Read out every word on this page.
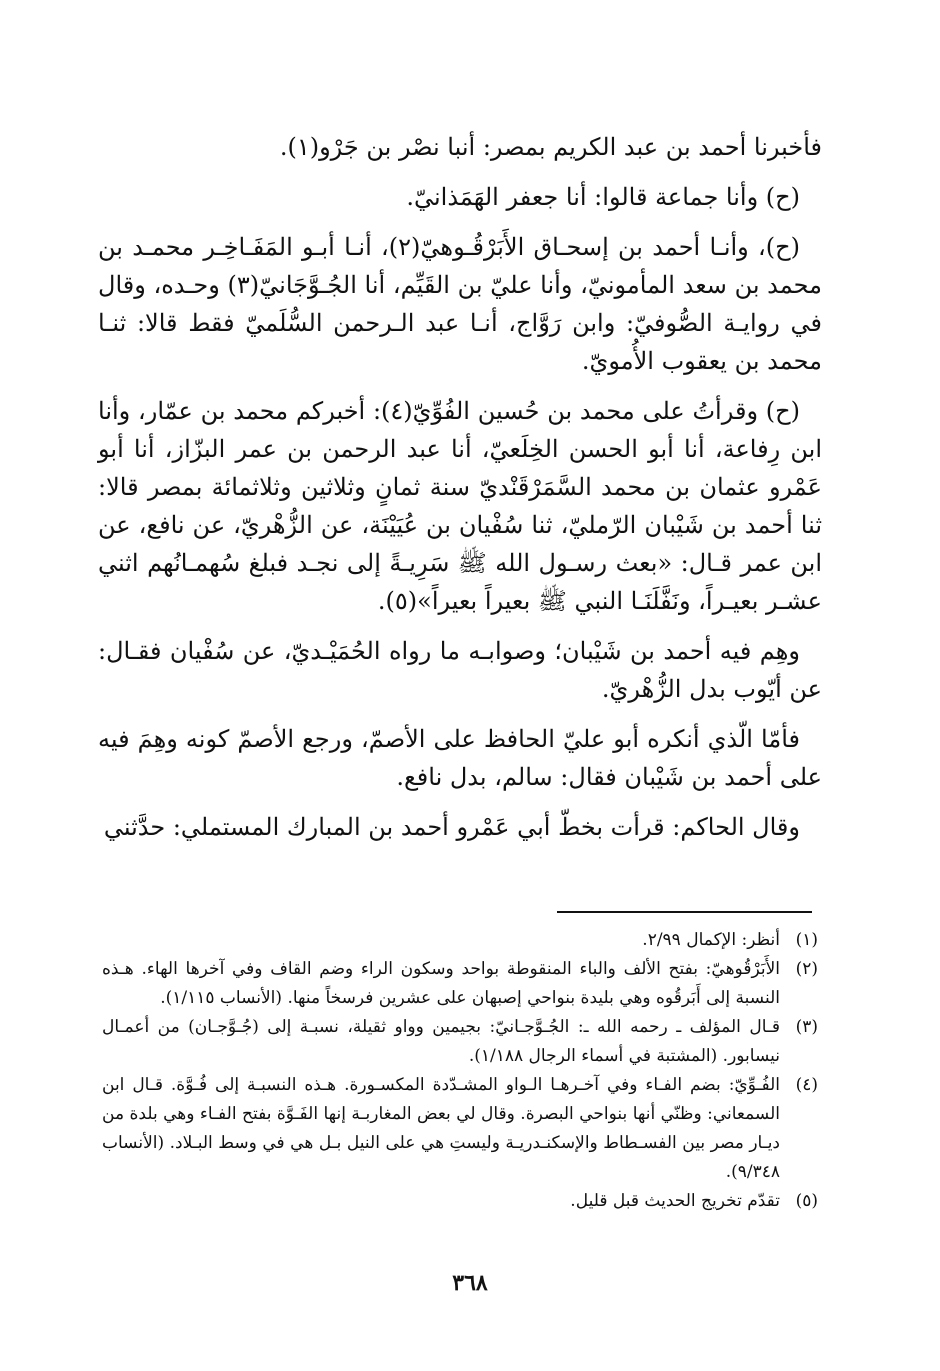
فأخبرنا أحمد بن عبد الكريم بمصر: أنبا نصْر بن جَرْو(١).

(ح) وأنا جماعة قالوا: أنا جعفر الهَمَذانيّ.

(ح)، وأنـا أحمد بن إسحـاق الأَبَرْقُـوهيّ(٢)، أنـا أبـو المَفَـاخِـر محمـد بن محمد بن سعد المأمونيّ، وأنا عليّ بن القَيِّم، أنا الجُـوَّجَانيّ(٣) وحـده، وقال في روايـة الصُّوفيّ: وابن رَوَّاج، أنـا عبد الـرحمن السُّلَميّ فقط قالا: ثنـا محمد بن يعقوب الأُمويّ.

(ح) وقرأتُ على محمد بن حُسين الفُوِّيّ(٤): أخبركم محمد بن عمّار، وأنا ابن رِفاعة، أنا أبو الحسن الخِلَعيّ، أنا عبد الرحمن بن عمر البزّاز، أنا أبو عَمْرو عثمان بن محمد السَّمَرْقَنْديّ سنة ثمانٍ وثلاثين وثلاثمائة بمصر قالا: ثنا أحمد بن شَيْبان الرّمليّ، ثنا سُفْيان بن عُيَيْنَة، عن الزُّهْريّ، عن نافع، عن ابن عمر قـال: «بعث رسـول الله ﷺ سَرِيـةً إلى نجـد فبلغ سُهمـانُهم اثني عشـر بعيـراً، ونَفَّلَنَـا النبي ﷺ بعيراً بعيراً»(٥).

وهِم فيه أحمد بن شَيْبان؛ وصوابـه ما رواه الحُمَيْـديّ، عن سُفْيان فقـال: عن أيّوب بدل الزُّهْريّ.

فأمّا الّذي أنكره أبو عليّ الحافظ على الأصمّ، ورجع الأصمّ كونه وهِمَ فيه على أحمد بن شَيْبان فقال: سالم، بدل نافع.

وقال الحاكم: قرأت بخطّ أبي عَمْرو أحمد بن المبارك المستملي: حدَّثني

(١)
أنظر: الإكمال ٢/٩٩.
(٢)
الأَبَرْقُوهيّ: بفتح الألف والباء المنقوطة بواحد وسكون الراء وضم القاف وفي آخرها الهاء. هـذه النسبة إلى أَبَرقُوه وهي بليدة بنواحي إصبهان على عشرين فرسخاً منها. (الأنساب ١/١١٥).
(٣)
قـال المؤلف ـ رحمه الله ـ: الجُـوَّجـانيّ: بجيمين وواو ثقيلة، نسبـة إلى (جُـوَّجـان) من أعمـال نيسابور. (المشتبة في أسماء الرجال ١/١٨٨).
(٤)
الفُـوِّيّ: بضم الفـاء وفي آخـرهـا الـواو المشـدّدة المكسـورة. هـذه النسبـة إلى فُـوَّة. قـال ابن السمعاني: وظنّي أنها بنواحي البصرة. وقال لي بعض المغاربـة إنها الفَـوَّة بفتح الفـاء وهي بلدة من ديـار مصر بين الفسـطاط والإسكنـدريـة وليستِ هي على النيل بـل هي في وسط البـلاد. (الأنساب ٩/٣٤٨).
(٥)
تقدّم تخريج الحديث قبل قليل.
٣٦٨
